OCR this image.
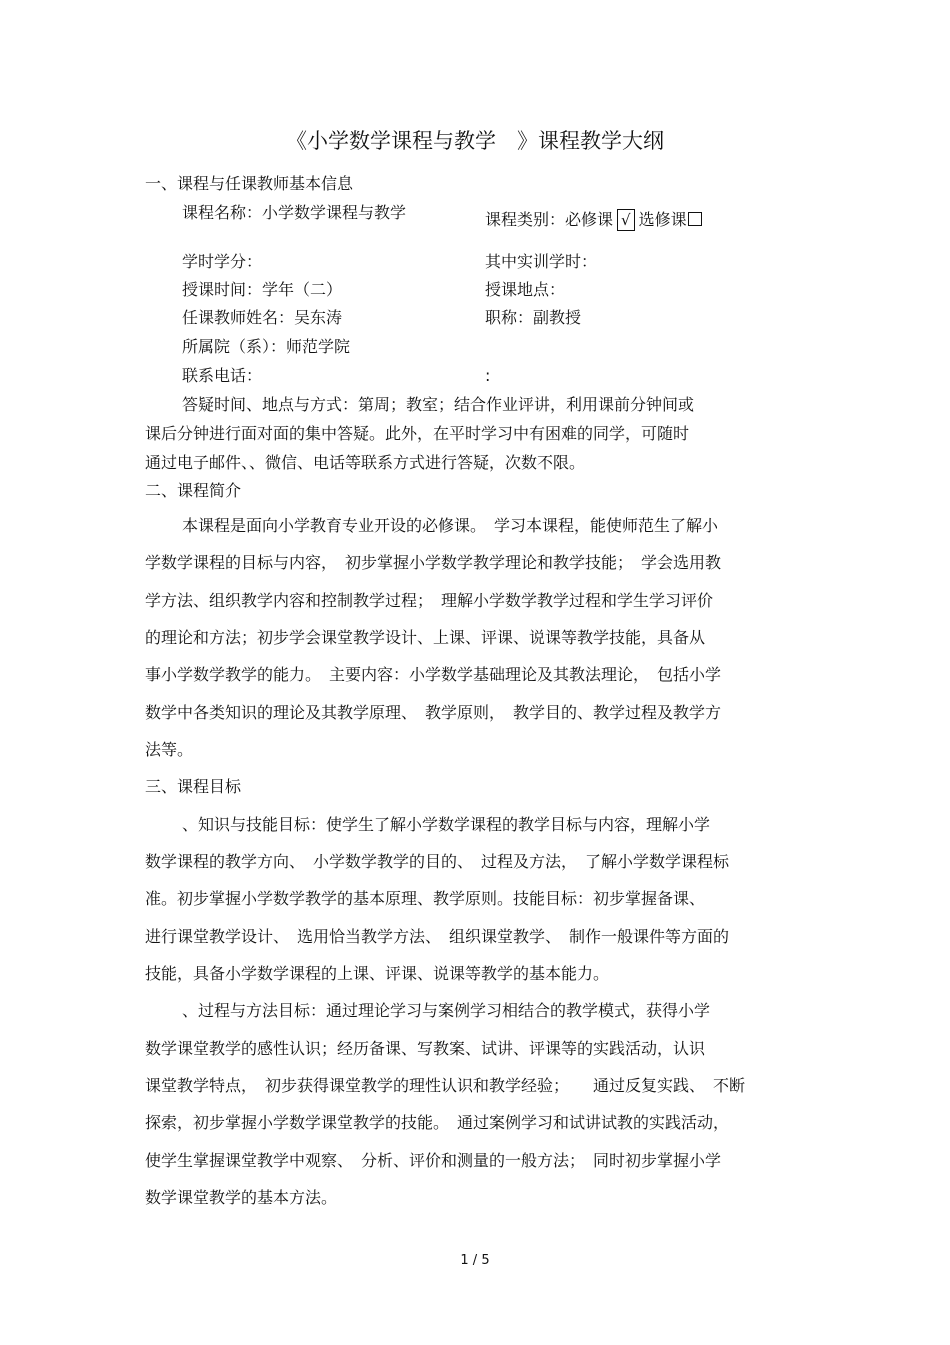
《小学数学课程与教学　》课程教学大纲
一、课程与任课教师基本信息
课程名称：小学数学课程与教学	课程类别：必修课 √ 选修课
学时学分：	其中实训学时：
授课时间：学年（二）	授课地点：
任课教师姓名：吴东涛	职称：副教授
所属院（系）：师范学院
联系电话：	:
答疑时间、地点与方式：第周；教室；结合作业评讲，利用课前分钟间或
课后分钟进行面对面的集中答疑。此外，在平时学习中有困难的同学，可随时
通过电子邮件、、微信、电话等联系方式进行答疑，次数不限。
二、课程简介
本课程是面向小学教育专业开设的必修课。　学习本课程，能使师范生了解小
学数学课程的目标与内容，　初步掌握小学数学教学理论和教学技能；　学会选用教
学方法、组织教学内容和控制教学过程；　理解小学数学教学过程和学生学习评价
的理论和方法；初步学会课堂教学设计、上课、评课、说课等教学技能，具备从
事小学数学教学的能力。　主要内容：小学数学基础理论及其教法理论，　包括小学
数学中各类知识的理论及其教学原理、　教学原则，　教学目的、教学过程及教学方
法等。
三、课程目标
、知识与技能目标：使学生了解小学数学课程的教学目标与内容，理解小学
数学课程的教学方向、　小学数学教学的目的、　过程及方法，　了解小学数学课程标
准。初步掌握小学数学教学的基本原理、教学原则。技能目标：初步掌握备课、
进行课堂教学设计、　选用恰当教学方法、　组织课堂教学、　制作一般课件等方面的
技能，具备小学数学课程的上课、评课、说课等教学的基本能力。
、过程与方法目标：通过理论学习与案例学习相结合的教学模式，获得小学
数学课堂教学的感性认识；经历备课、写教案、试讲、评课等的实践活动，认识
课堂教学特点，　初步获得课堂教学的理性认识和教学经验；　　通过反复实践、　不断
探索，初步掌握小学数学课堂教学的技能。　通过案例学习和试讲试教的实践活动，
使学生掌握课堂教学中观察、　分析、评价和测量的一般方法；　同时初步掌握小学
数学课堂教学的基本方法。
1 / 5
